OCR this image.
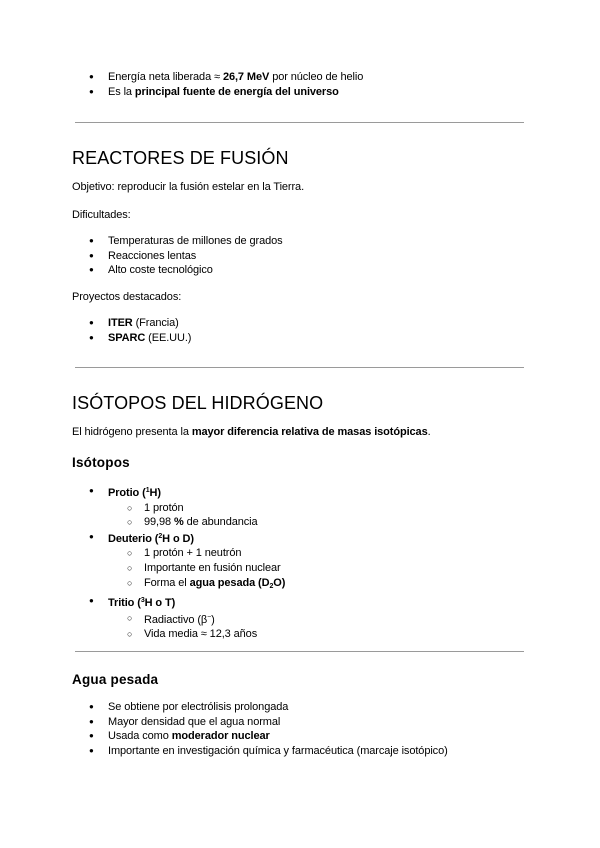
● Energía neta liberada ≈ 26,7 MeV por núcleo de helio
● Es la principal fuente de energía del universo
REACTORES DE FUSIÓN

Objetivo: reproducir la fusión estelar en la Tierra.

Dificultades:

● Temperaturas de millones de grados
● Reacciones lentas
● Alto coste tecnológico

Proyectos destacados:

● ITER (Francia)
● SPARC (EE.UU.)
ISÓTOPOS DEL HIDRÓGENO

El hidrógeno presenta la mayor diferencia relativa de masas isotópicas.

Isótopos
● Protio ($^1$H)
○ 1 protón
○ 99,98 % de abundancia
● Deuterio ($^2$H o D)
○ 1 protón + 1 neutrón
○ Importante en fusión nuclear
○ Forma el agua pesada $(D_2O)$
● Tritio ($^3$H o T)
○ Radiactivo (β−)
○ Vida media ≈ 12,3 años
Agua pesada
● Se obtiene por electrólisis prolongada
● Mayor densidad que el agua normal
● Usada como moderador nuclear
● Importante en investigación química y farmacéutica (marcaje isotópico)
